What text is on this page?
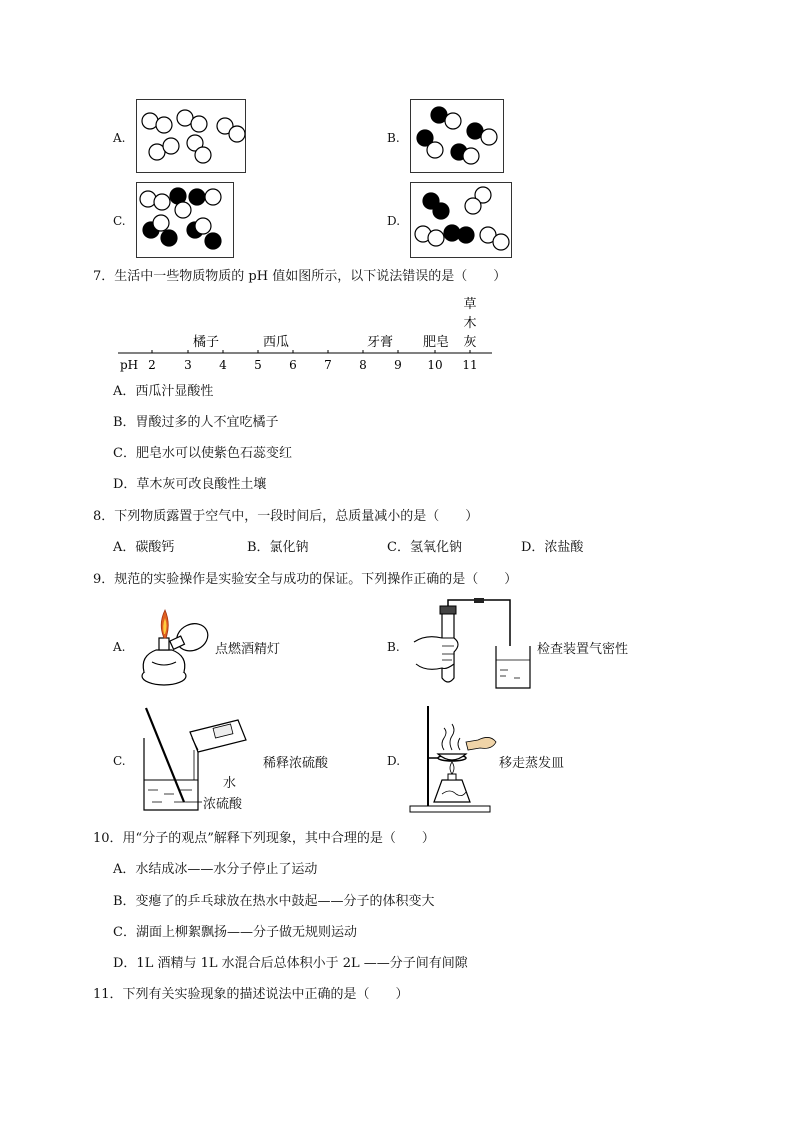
A.	B.
C.	D.
7．生活中一些物质物质的 pH 值如图所示，以下说法错误的是（　　）
草
木
灰
橘子	西瓜	牙膏 肥皂
pH 2 3 4 5 6 7 8 9 10 11
A．西瓜汁显酸性
B．胃酸过多的人不宜吃橘子
C．肥皂水可以使紫色石蕊变红
D．草木灰可改良酸性土壤
8．下列物质露置于空气中，一段时间后，总质量减小的是（　　）
A．碳酸钙	B．氯化钠	C．氢氧化钠	D．浓盐酸
9．规范的实验操作是实验安全与成功的保证。下列操作正确的是（　　）
A.	点燃酒精灯	B.	检查装置气密性
C.	稀释浓硫酸
水
浓硫酸
D.	移走蒸发皿
10．用“分子的观点”解释下列现象，其中合理的是（　　）
A．水结成冰——水分子停止了运动
B．变瘪了的乒乓球放在热水中鼓起——分子的体积变大
C．湖面上柳絮飘扬——分子做无规则运动
D．1L 酒精与 1L 水混合后总体积小于 2L ——分子间有间隙
11．下列有关实验现象的描述说法中正确的是（　　）
